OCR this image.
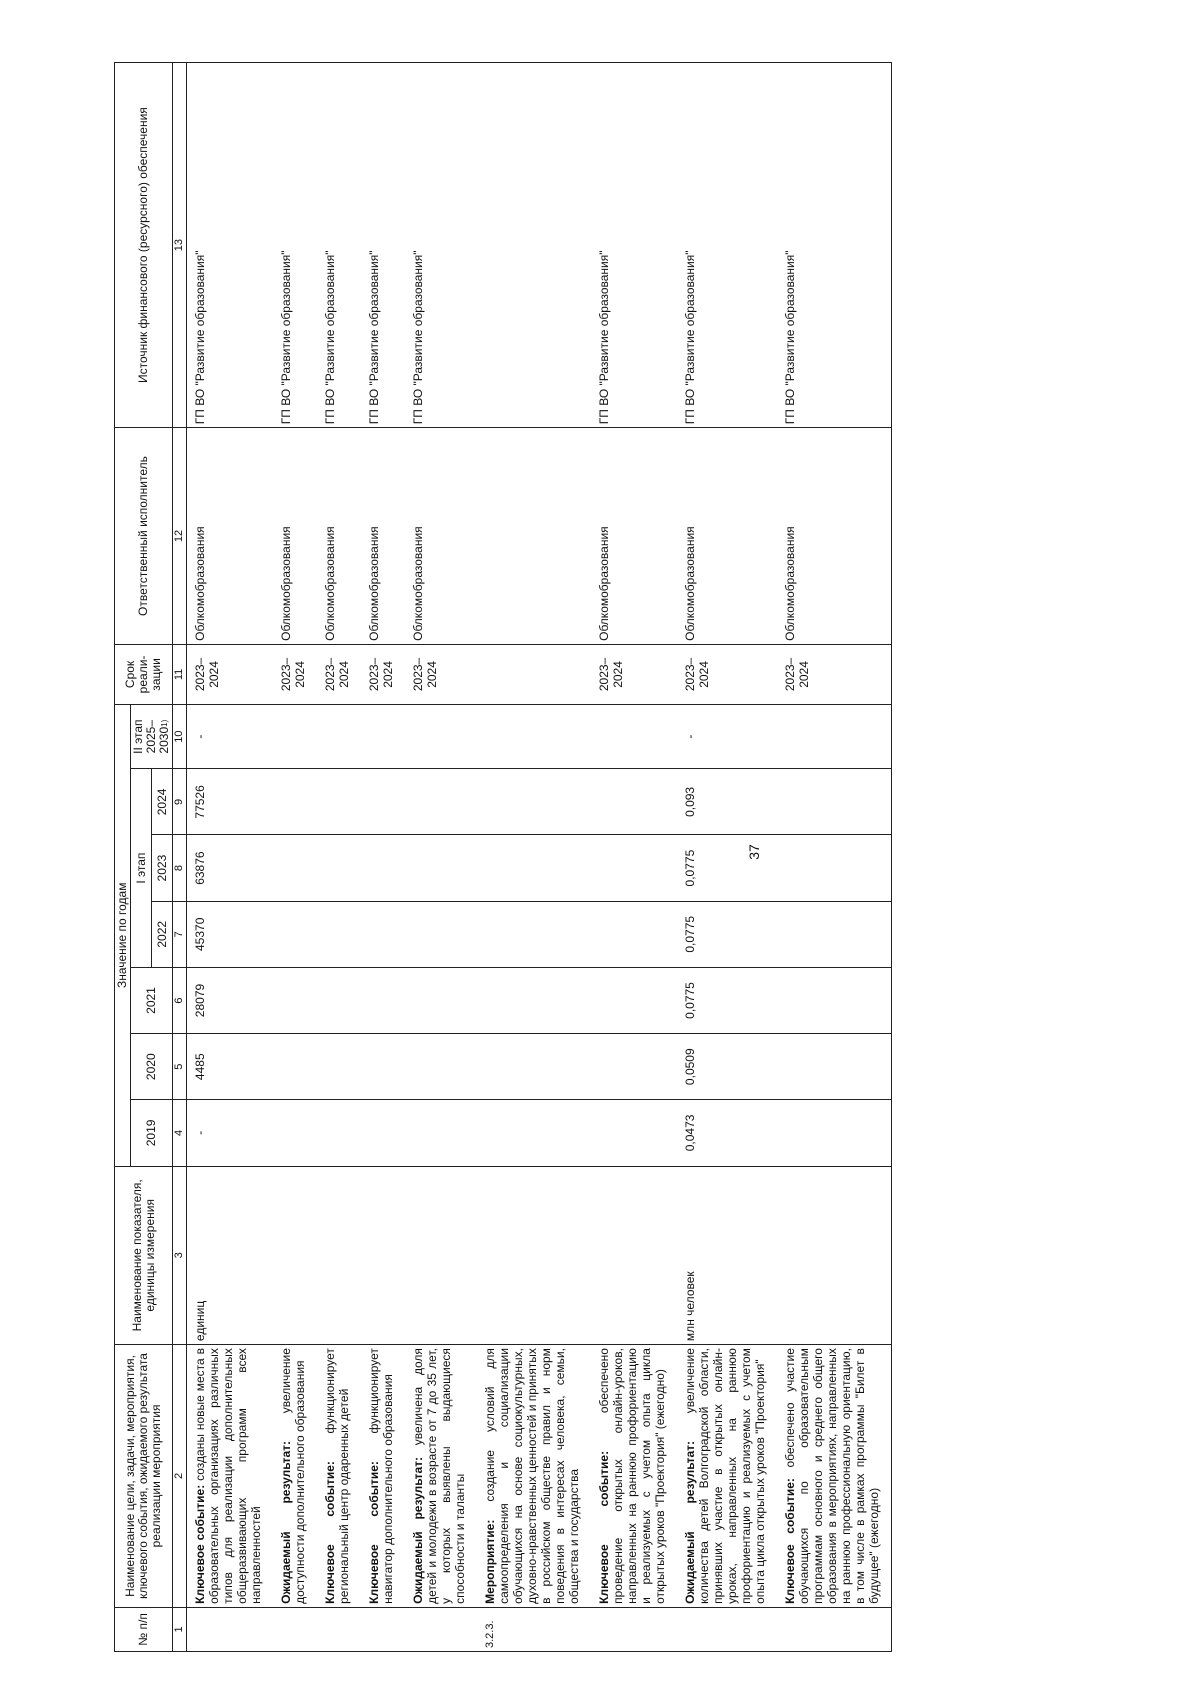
37
№ п/п	Наименование цели, задачи, мероприятия, ключевого события, ожидаемого результата реализации мероприятия	Наименование показателя, единицы измерения	Значение по годам							Срок реали- зации	Ответственный исполнитель	Источник финансового (ресурсного) обеспечения
			2019	2020	2021	I этап			II этап 2025–2030$^{1)}$
						2022	2023	2024				
1	2	3	4	5	6	7	8	9	10	11	12	13
	Ключевое событие: созданы новые места в образовательных организациях различных типов для реализации дополнительных общеразвивающих программ всех направленностей	единиц	-	4485	28079	45370	63876	77526	-	2023–2024	Облкомобразования	ГП ВО "Развитие образования"
	Ожидаемый результат: увеличение доступности дополнительного образования									2023–2024	Облкомобразования	ГП ВО "Развитие образования"
	Ключевое событие: функционирует региональный центр одаренных детей									2023–2024	Облкомобразования	ГП ВО "Развитие образования"
	Ключевое событие: функционирует навигатор дополнительного образования									2023–2024	Облкомобразования	ГП ВО "Развитие образования"
	Ожидаемый результат: увеличена доля детей и молодежи в возрасте от 7 до 35 лет, у которых выявлены выдающиеся способности и таланты									2023–2024	Облкомобразования	ГП ВО "Развитие образования"
3.2.3.	Мероприятие: создание условий для самоопределения и социализации обучающихся на основе социокультурных, духовно-нравственных ценностей и принятых в российском обществе правил и норм поведения в интересах человека, семьи, общества и государства											
	Ключевое событие: обеспечено проведение открытых онлайн-уроков, направленных на раннюю профориентацию и реализуемых с учетом опыта цикла открытых уроков "Проектория" (ежегодно)									2023–2024	Облкомобразования	ГП ВО "Развитие образования"
	Ожидаемый результат: увеличение количества детей Волгоградской области, принявших участие в открытых онлайн-уроках, направленных на раннюю профориентацию и реализуемых с учетом опыта цикла открытых уроков "Проектория"	млн человек	0,0473	0,0509	0,0775	0,0775	0,0775	0,093	-	2023–2024	Облкомобразования	ГП ВО "Развитие образования"
	Ключевое событие: обеспечено участие обучающихся по образовательным программам основного и среднего общего образования в мероприятиях, направленных на раннюю профессиональную ориентацию, в том числе в рамках программы "Билет в будущее" (ежегодно)									2023–2024	Облкомобразования	ГП ВО "Развитие образования"
